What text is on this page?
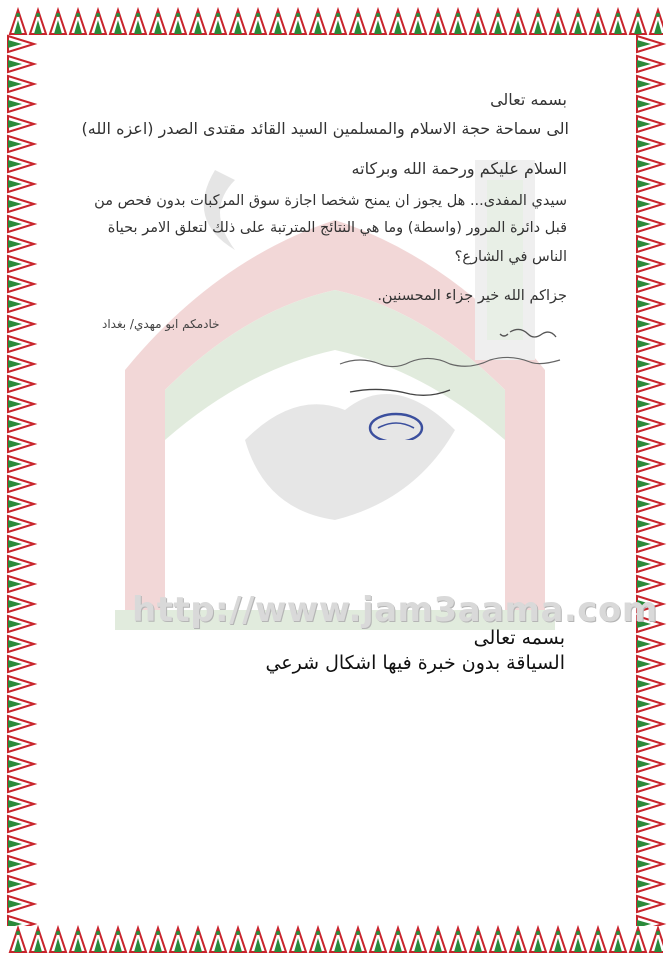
http://www.jam3aama.com
بسمه تعالى
الى سماحة حجة الاسلام والمسلمين السيد القائد مقتدى الصدر (اعزه الله)
السلام عليكم ورحمة الله وبركاته
سيدي المفدى... هل يجوز ان يمنح شخصا اجازة سوق المركبات بدون فحص من
قبل دائرة المرور (واسطة) وما هي النتائج المترتبة على ذلك لتعلق الامر بحياة
الناس في الشارع؟
جزاكم الله خير جزاء المحسنين.
خادمكم ابو مهدي/ بغداد
بسمه تعالى
السياقة بدون خبرة فيها اشكال شرعي
